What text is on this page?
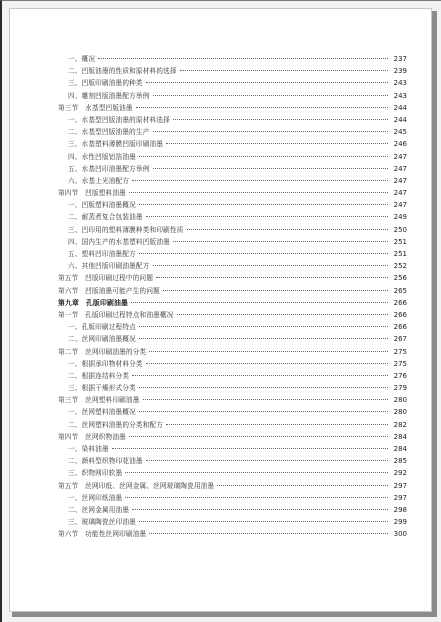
一、概况	237
二、凹版油墨的性质和原材料的选择	239
三、凹版印刷油墨的种类	243
四、雕刻凹版油墨配方举例	243
第三节　水基型凹版油墨	244
一、水基型凹版油墨的原材料选择	244
二、水基型凹版油墨的生产	245
三、水基塑料薄膜凹版印刷油墨	246
四、水性凹版铝箔油墨	247
五、水基凹印油墨配方举例	247
六、水基上光油配方	247
第四节　凹版塑料油墨	247
一、凹版塑料油墨概况	247
二、耐蒸煮复合包装油墨	249
三、凹印用的塑料薄膜种类和印刷性质	250
四、国内生产的水基塑料凹版油墨	251
五、塑料凹印油墨配方	251
六、其他凹版印刷油墨配方	252
第五节　凹版印刷过程中的问题	256
第六节　凹版油墨可能产生的问题	265
第九章　孔版印刷油墨	266
第一节　孔版印刷过程特点和油墨概况	266
一、孔版印刷过程特点	266
二、丝网印刷油墨概况	267
第二节　丝网印刷油墨的分类	275
一、根据承印物材料分类	275
二、根据连结料分类	276
三、根据干燥形式分类	279
第三节　丝网塑料印刷油墨	280
一、丝网塑料油墨概况	280
二、丝网塑料油墨的分类和配方	282
第四节　丝网织物油墨	284
一、染料油墨	284
二、颜料型织物印花油墨	285
三、织物网印软墨	292
第五节　丝网印纸、丝网金属、丝网玻璃陶瓷用油墨	297
一、丝网印纸油墨	297
二、丝网金属用油墨	298
三、玻璃陶瓷丝印油墨	299
第六节　功能性丝网印刷油墨	300
